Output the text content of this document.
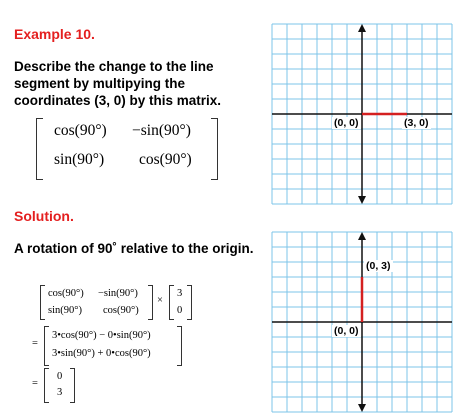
Example 10.
Describe the change to the line segment by multipying the coordinates (3, 0) by this matrix.
cos(90°) −sin(90°)
sin(90°) cos(90°)
Solution.
A rotation of 90˚ relative to the origin.
cos(90°) −sin(90°)
sin(90°) cos(90°)
×
3
0
=
3•cos(90°) − 0•sin(90°)
3•sin(90°) + 0•cos(90°)
=
0
3
(0, 0)	(3, 0)
(0, 3)
(0, 0)
